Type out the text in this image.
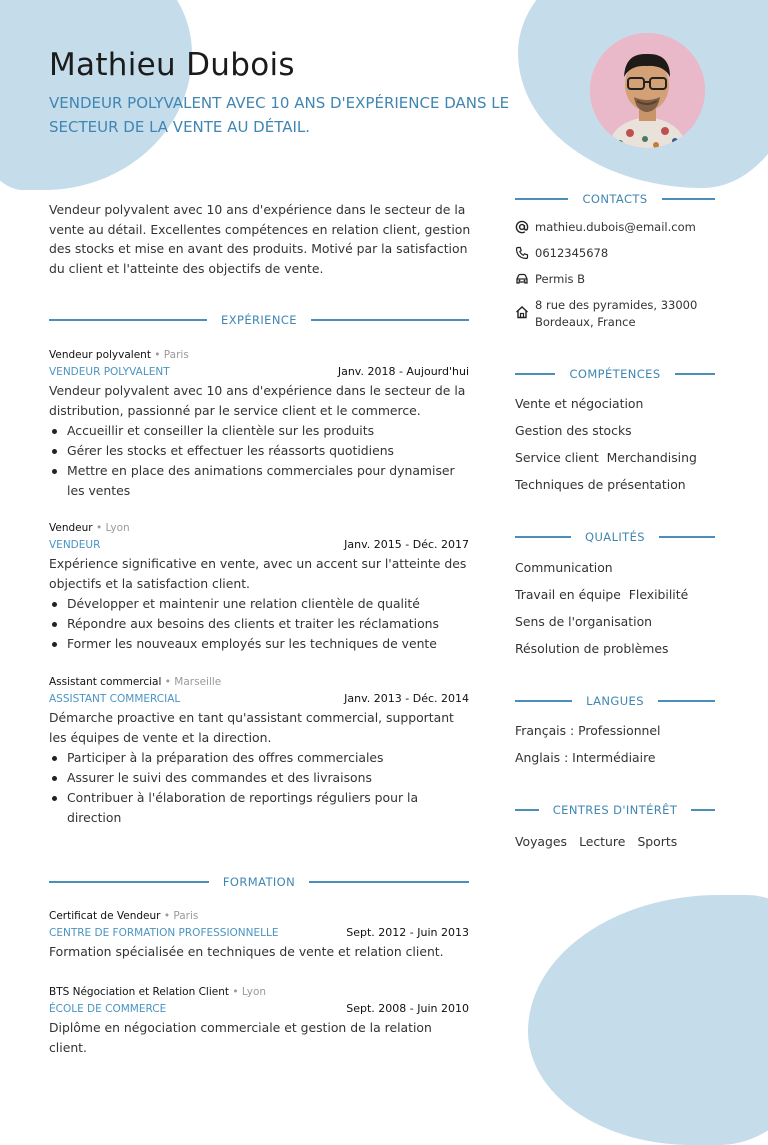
Mathieu Dubois
VENDEUR POLYVALENT AVEC 10 ANS D'EXPÉRIENCE DANS LE SECTEUR DE LA VENTE AU DÉTAIL.
Vendeur polyvalent avec 10 ans d'expérience dans le secteur de la vente au détail. Excellentes compétences en relation client, gestion des stocks et mise en avant des produits. Motivé par la satisfaction du client et l'atteinte des objectifs de vente.
EXPÉRIENCE
Vendeur polyvalent • Paris
VENDEUR POLYVALENT	Janv. 2018 - Aujourd'hui
Vendeur polyvalent avec 10 ans d'expérience dans le secteur de la distribution, passionné par le service client et le commerce.
Accueillir et conseiller la clientèle sur les produits
Gérer les stocks et effectuer les réassorts quotidiens
Mettre en place des animations commerciales pour dynamiser les ventes
Vendeur • Lyon
VENDEUR	Janv. 2015 - Déc. 2017
Expérience significative en vente, avec un accent sur l'atteinte des objectifs et la satisfaction client.
Développer et maintenir une relation clientèle de qualité
Répondre aux besoins des clients et traiter les réclamations
Former les nouveaux employés sur les techniques de vente
Assistant commercial • Marseille
ASSISTANT COMMERCIAL	Janv. 2013 - Déc. 2014
Démarche proactive en tant qu'assistant commercial, supportant les équipes de vente et la direction.
Participer à la préparation des offres commerciales
Assurer le suivi des commandes et des livraisons
Contribuer à l'élaboration de reportings réguliers pour la direction
FORMATION
Certificat de Vendeur • Paris
CENTRE DE FORMATION PROFESSIONNELLE	Sept. 2012 - Juin 2013
Formation spécialisée en techniques de vente et relation client.
BTS Négociation et Relation Client • Lyon
ÉCOLE DE COMMERCE	Sept. 2008 - Juin 2010
Diplôme en négociation commerciale et gestion de la relation client.
CONTACTS
mathieu.dubois@email.com
0612345678
Permis B
8 rue des pyramides, 33000
Bordeaux, France
COMPÉTENCES
Vente et négociation
Gestion des stocks
Service client Merchandising
Techniques de présentation
QUALITÉS
Communication
Travail en équipe Flexibilité
Sens de l'organisation
Résolution de problèmes
LANGUES
Français : Professionnel
Anglais : Intermédiaire
CENTRES D'INTÉRÊT
Voyages Lecture Sports
